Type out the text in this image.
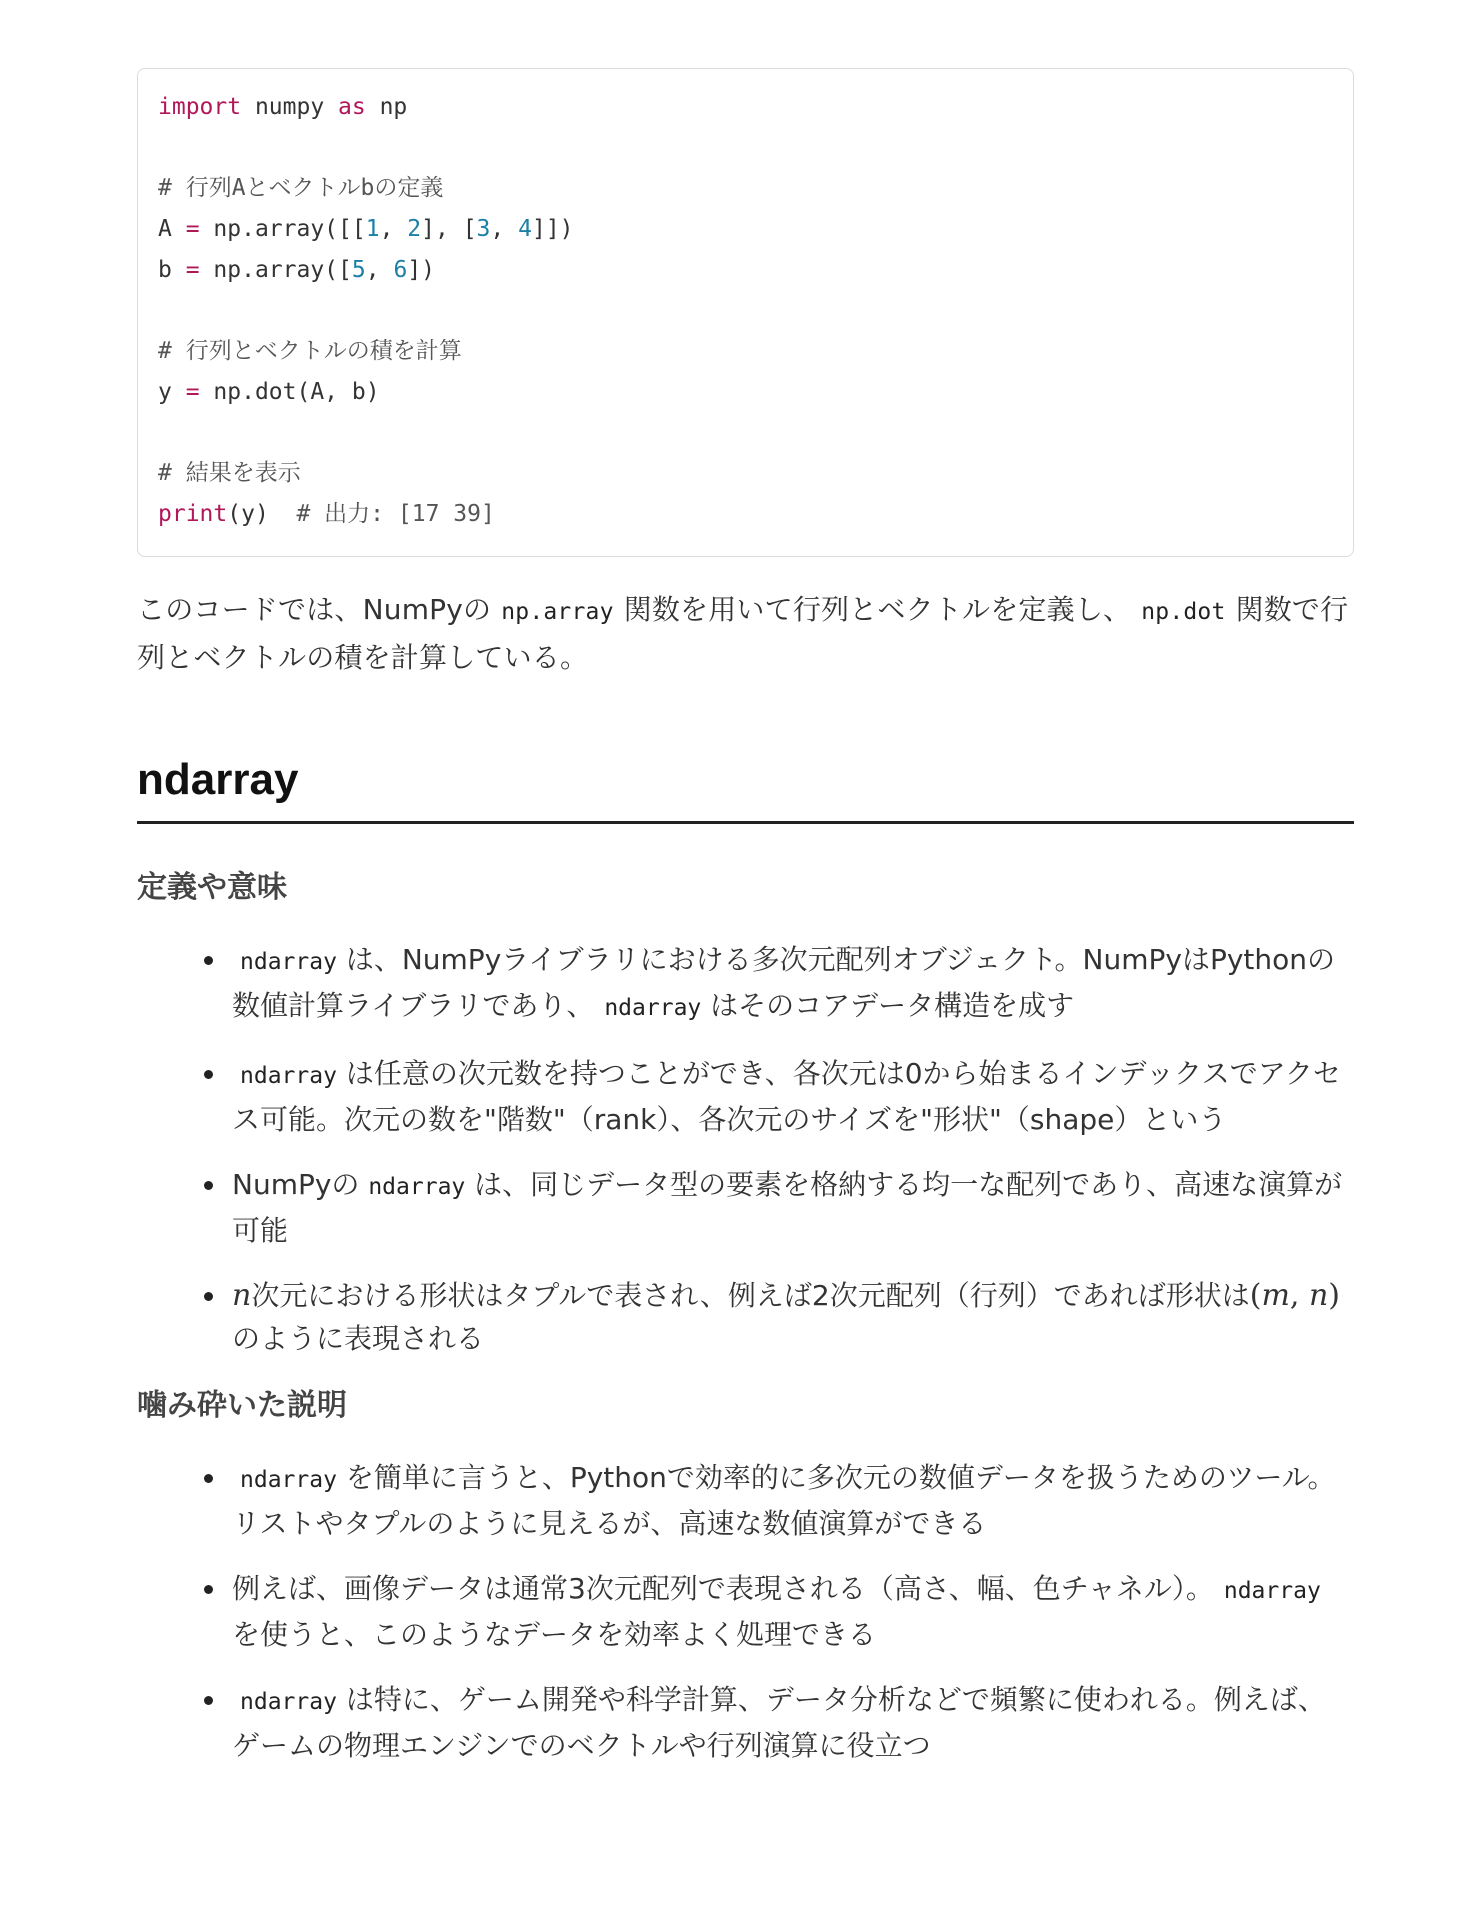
import numpy as np
# 行列Aとベクトルbの定義
A = np.array([[1, 2], [3, 4]])
b = np.array([5, 6])
# 行列とベクトルの積を計算
y = np.dot(A, b)
# 結果を表示
print(y)  # 出力: [17 39]

このコードでは、NumPyの np.array 関数を用いて行列とベクトルを定義し、 np.dot 関数で行列とベクトルの積を計算している。

ndarray
定義や意味
ndarray は、NumPyライブラリにおける多次元配列オブジェクト。NumPyはPythonの数値計算ライブラリであり、 ndarray はそのコアデータ構造を成す
ndarray は任意の次元数を持つことができ、各次元は0から始まるインデックスでアクセス可能。次元の数を"階数"（rank）、各次元のサイズを"形状"（shape）という
NumPyの ndarray は、同じデータ型の要素を格納する均一な配列であり、高速な演算が可能
n次元における形状はタプルで表され、例えば2次元配列（行列）であれば形状は(m, n)のように表現される
噛み砕いた説明
ndarray を簡単に言うと、Pythonで効率的に多次元の数値データを扱うためのツール。リストやタプルのように見えるが、高速な数値演算ができる
例えば、画像データは通常3次元配列で表現される（高さ、幅、色チャネル）。 ndarray を使うと、このようなデータを効率よく処理できる
ndarray は特に、ゲーム開発や科学計算、データ分析などで頻繁に使われる。例えば、ゲームの物理エンジンでのベクトルや行列演算に役立つ
